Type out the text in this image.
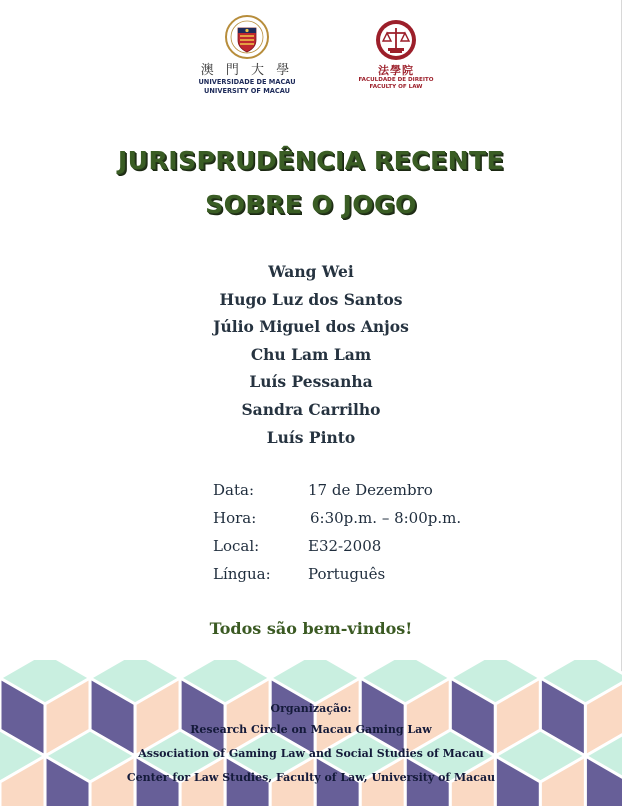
澳 門 大 學
UNIVERSIDADE DE MACAU
UNIVERSITY OF MACAU
法學院
FACULDADE DE DIREITO
FACULTY OF LAW
JURISPRUDÊNCIA RECENTE
SOBRE O JOGO
Wang Wei
Hugo Luz dos Santos
Júlio Miguel dos Anjos
Chu Lam Lam
Luís Pessanha
Sandra Carrilho
Luís Pinto
Data:	17 de Dezembro
Hora:	6:30p.m. – 8:00p.m.
Local:	E32-2008
Língua: Português
Todos são bem-vindos!
Organização:
Research Circle on Macau Gaming Law
Association of Gaming Law and Social Studies of Macau
Center for Law Studies, Faculty of Law, University of Macau
